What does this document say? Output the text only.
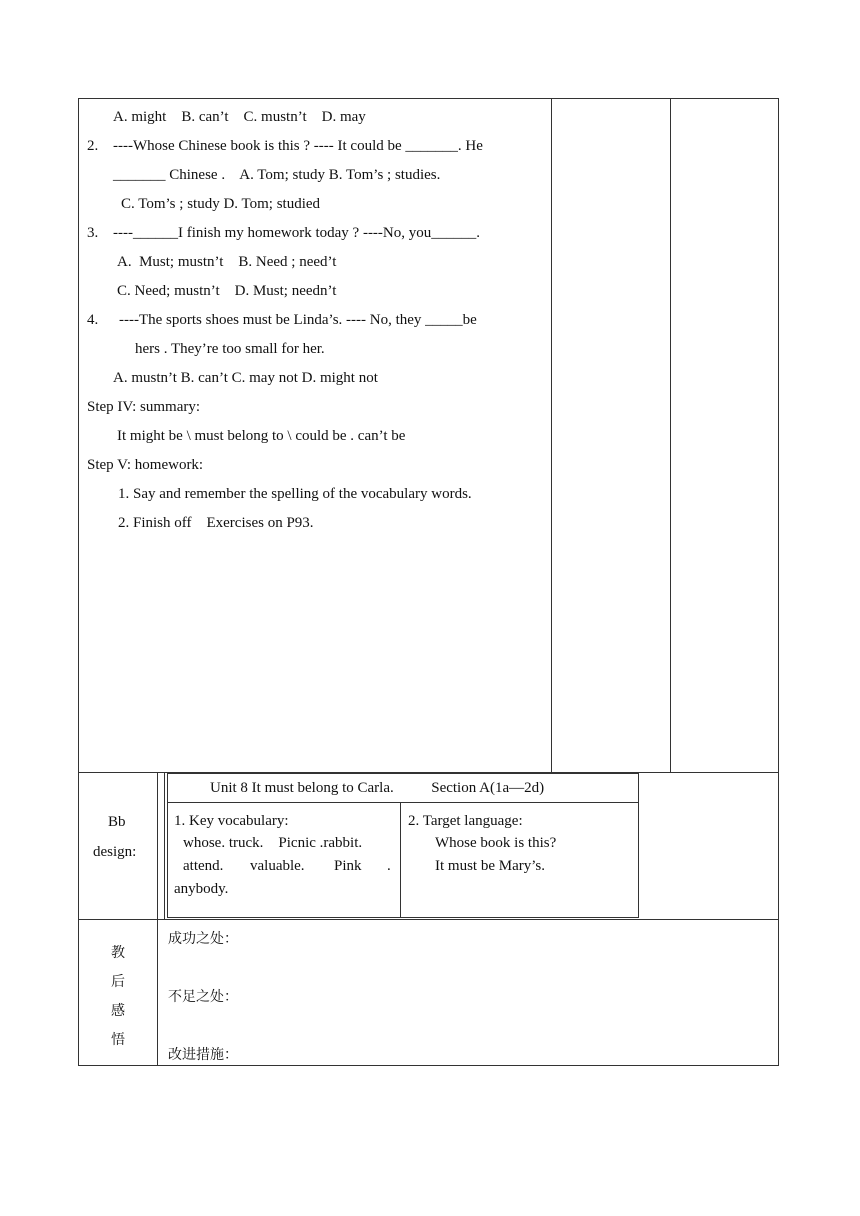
A. might    B. can’t    C. mustn’t    D. may
2. ----Whose Chinese book is this ? ---- It could be _______. He
_______ Chinese .    A. Tom; study B. Tom’s ; studies.
C. Tom’s ; study D. Tom; studied
3. ----______I finish my homework today ? ----No, you______.
A.  Must; mustn’t    B. Need ; need’t
C. Need; mustn’t    D. Must; needn’t
4. ----The sports shoes must be Linda’s. ---- No, they _____be
hers . They’re too small for her.
A. mustn’t B. can’t C. may not D. might not
Step IV: summary:
It might be \ must belong to \ could be . can’t be
Step V: homework:
1. Say and remember the spelling of the vocabulary words.
2. Finish off    Exercises on P93.
Bb
design:
Unit 8 It must belong to Carla.          Section A(1a—2d)
1. Key vocabulary:
whose. truck.    Picnic .rabbit.
attend. valuable. Pink .
anybody.
2. Target language:
Whose book is this?
It must be Mary’s.
教
后
感
悟
成功之处：
不足之处：
改进措施：
